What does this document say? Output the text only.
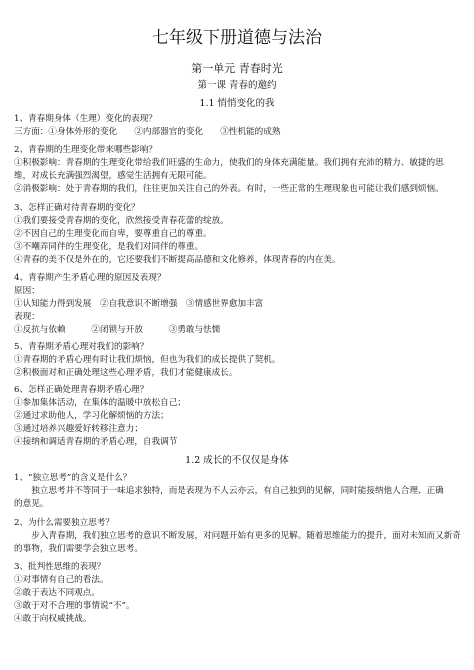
七年级下册道德与法治
第一单元 青春时光
第一课 青春的邀约
1.1 悄悄变化的我
1、青春期身体（生理）变化的表现？
三方面：①身体外形的变化　　②内部器官的变化　　③性机能的成熟
2、青春期的生理变化带来哪些影响？
①积极影响：青春期的生理变化带给我们旺盛的生命力，使我们的身体充满能量。我们拥有充沛的精力、敏捷的思
维，对成长充满强烈渴望，感觉生活拥有无限可能。
②消极影响：处于青春期的我们，往往更加关注自己的外表。有时，一些正常的生理现象也可能让我们感到烦恼。
3、怎样正确对待青春期的变化？
①我们要接受青春期的变化，欣然接受青春花蕾的绽放。
②不因自己的生理变化而自卑，要尊重自己的尊重。
③不嘲弄同伴的生理变化，是我们对同伴的尊重。
④青春的美不仅是外在的，它还要我们不断提高品德和文化修养，体现青春的内在美。
4、青春期产生矛盾心理的原因及表现？
原因：
①认知能力得到发展　②自我意识不断增强　③情感世界愈加丰富
表现：
①反抗与依赖　　　②闭锁与开放　　　③勇敢与怯懦
5、青春期矛盾心理对我们的影响？
①青春期的矛盾心理有时让我们烦恼，但也为我们的成长提供了契机。
②积极面对和正确处理这些心理矛盾，我们才能健康成长。
6、怎样正确处理青春期矛盾心理？
①参加集体活动，在集体的温暖中放松自己；
②通过求助他人，学习化解烦恼的方法；
③通过培养兴趣爱好转移注意力；
④接纳和调适青春期的矛盾心理，自我调节
1.2 成长的不仅仅是身体
1、“独立思考”的含义是什么？
　　独立思考并不等同于一味追求独特，而是表现为不人云亦云，有自己独到的见解，同时能接纳他人合理、正确
的意见。
2、为什么需要独立思考？
　　步入青春期，我们独立思考的意识不断发展，对问题开始有更多的见解。随着思维能力的提升，面对未知而又新奇
的事物，我们需要学会独立思考。
3、批判性思维的表现？
①对事情有自己的看法。
②敢于表达不同观点。
③敢于对不合理的事情说“不”。
④敢于向权威挑战。
